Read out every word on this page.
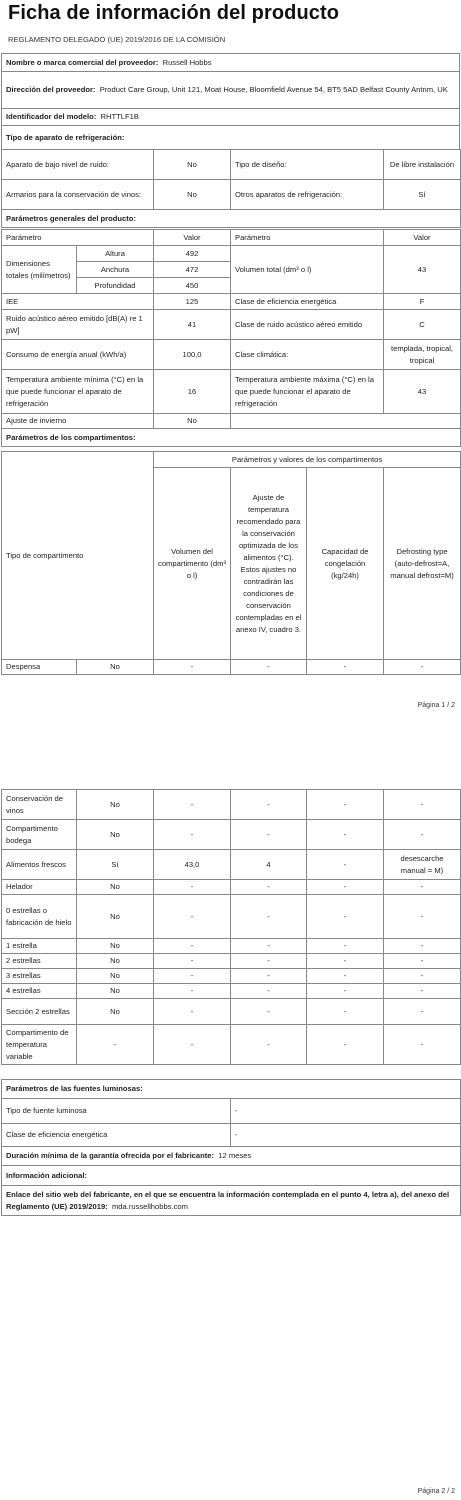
Ficha de información del producto
REGLAMENTO DELEGADO (UE) 2019/2016 DE LA COMISIÓN
Nombre o marca comercial del proveedor: Russell Hobbs
Dirección del proveedor: Product Care Group, Unit 121, Moat House, Bloomfield Avenue 54, BT5 5AD Belfast County Antrim, UK
Identificador del modelo: RHTTLF1B
Tipo de aparato de refrigeración:
Aparato de bajo nivel de ruido:	No	Tipo de diseño:	De libre instalación
Armarios para la conservación de vinos:	No	Otros aparatos de refrigeración:	Sí
Parámetros generales del producto:			
Parámetro		Valor	Parámetro	Valor
Dimensiones totales (milímetros)	Altura	492	Volumen total (dm³ o l)	43
	Anchura	472		
	Profundidad	450		
IEE		125	Clase de eficiencia energética	F
Ruido acústico aéreo emitido [dB(A) re 1 pW]		41	Clase de ruido acústico aéreo emitido	C
Consumo de energía anual (kWh/a)		100,0	Clase climática:	templada, tropical, tropical
Temperatura ambiente mínima (°C) en la que puede funcionar el aparato de refrigeración		16	Temperatura ambiente máxima (°C) en la que puede funcionar el aparato de refrigeración	43
Ajuste de invierno		No		
Parámetros de los compartimentos:				
Tipo de compartimento		Parámetros y valores de los compartimentos			
		Volumen del compartimento (dm³ o l)	Ajuste de temperatura recomendado para la conservación optimizada de los alimentos (°C). Estos ajustes no contradirán las condiciones de conservación contempladas en el anexo IV, cuadro 3.	Capacidad de congelación (kg/24h)	Defrosting type (auto-defrost=A, manual defrost=M)
Despensa	No	-	-	-	-
Página 1 / 2
Conservación de vinos	No	-	-	-	-
Compartimento bodega	No	-	-	-	-
Alimentos frescos	Sí	43,0	4	-	desescarche manual = M)
Helador	No	-	-	-	-
0 estrellas o fabricación de hielo	No	-	-	-	-
1 estrella	No	-	-	-	-
2 estrellas	No	-	-	-	-
3 estrellas	No	-	-	-	-
4 estrellas	No	-	-	-	-
Sección 2 estrellas	No	-	-	-	-
Compartimento de temperatura variable	-	-	-	-	-
Parámetros de las fuentes luminosas:	
Tipo de fuente luminosa	-
Clase de eficiencia energética	-
Duración mínima de la garantía ofrecida por el fabricante: 12 meses	
Información adicional:	
Enlace del sitio web del fabricante, en el que se encuentra la información contemplada en el punto 4, letra a), del anexo del Reglamento (UE) 2019/2019: mda.russellhobbs.com	
Página 2 / 2
